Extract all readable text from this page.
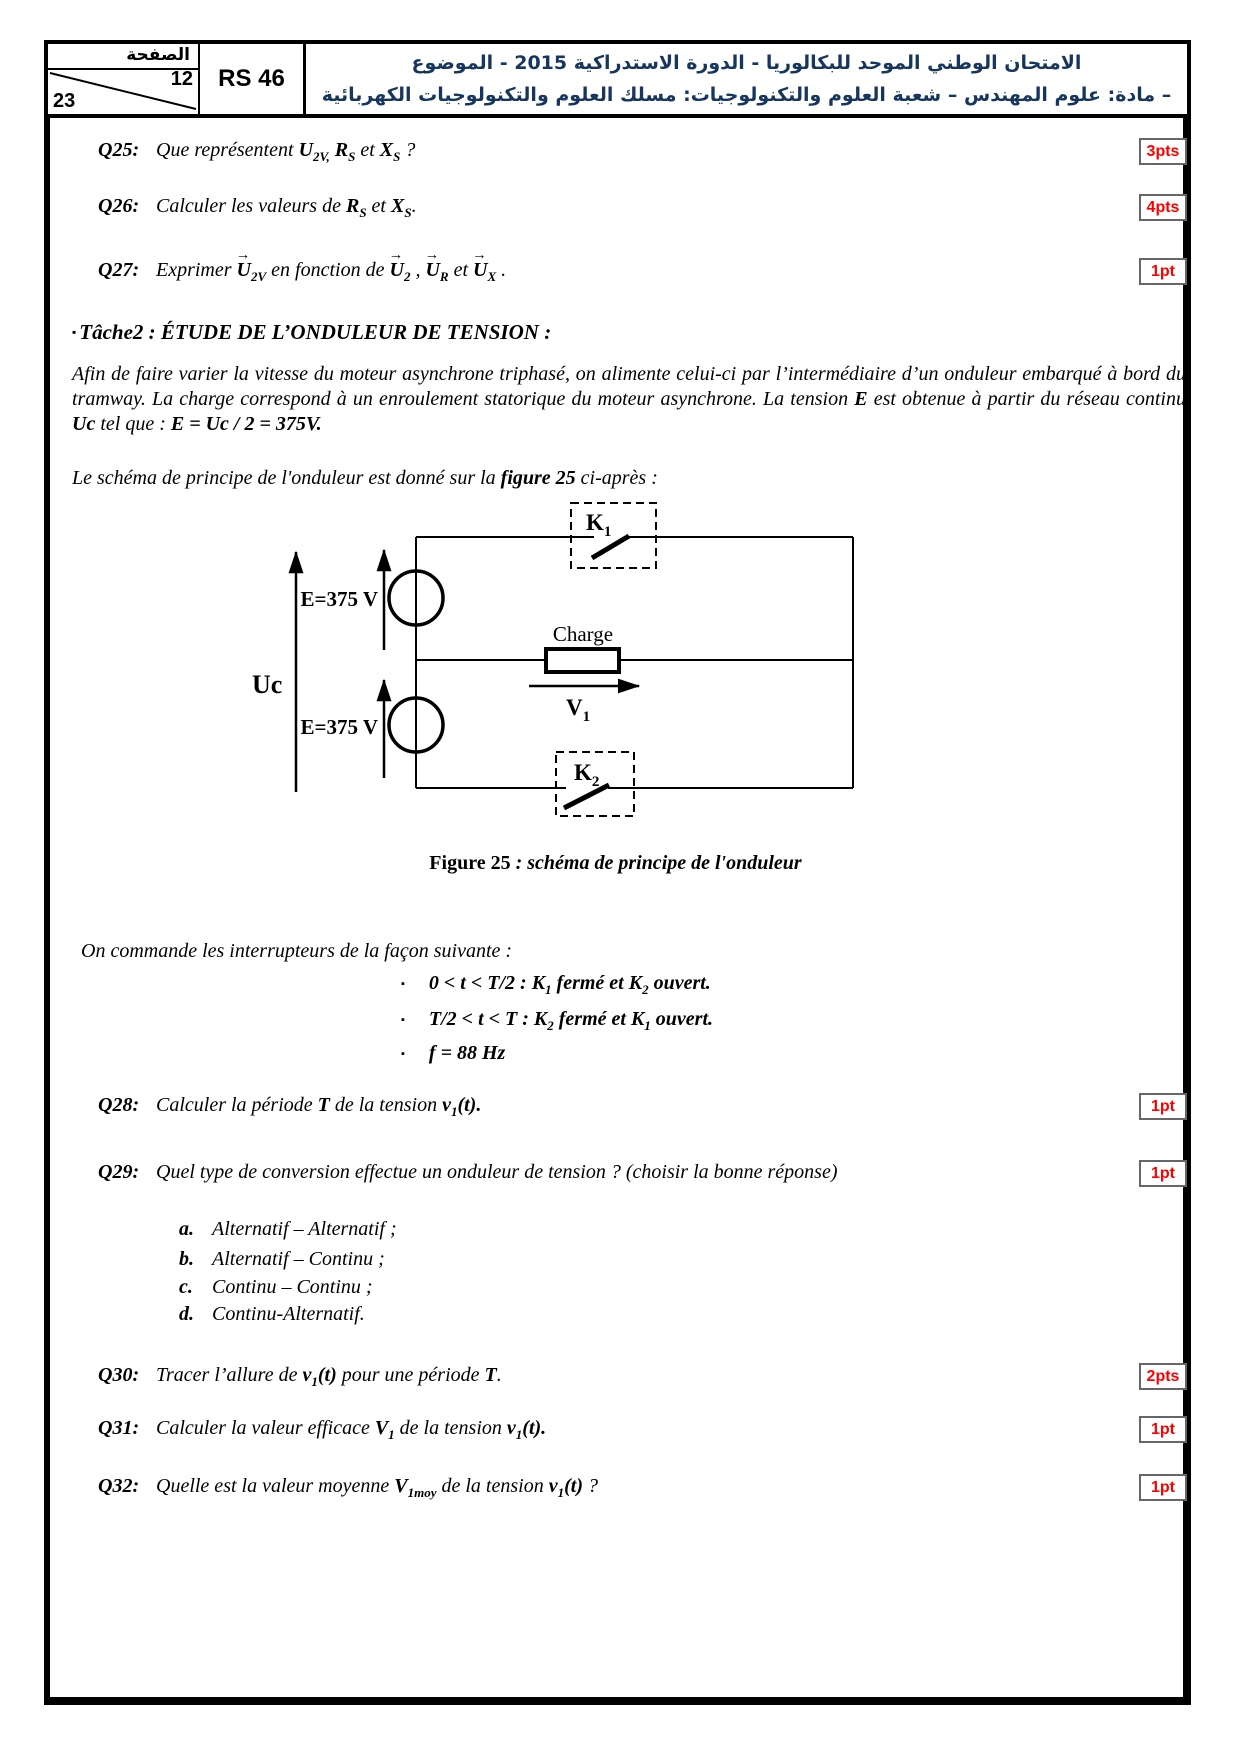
الصفحة
12
23
RS 46
الامتحان الوطني الموحد للبكالوريا - الدورة الاستدراكية 2015 - الموضوع
– مادة: علوم المهندس – شعبة العلوم والتكنولوجيات: مسلك العلوم والتكنولوجيات الكهربائية
Q25: Que représentent $U_{2V,}$ $R_S$ et $X_S$ ?	3pts
Q26: Calculer les valeurs de $R_S$ et $X_S$.	4pts
Q27: Exprimer → $U_{2V}$ en fonction de → $U_2$ , → $U_R$ et → $U_X$ .	1pt
▪ Tâche2 : ÉTUDE DE L’ONDULEUR DE TENSION :
Afin de faire varier la vitesse du moteur asynchrone triphasé, on alimente celui-ci par l’intermédiaire d’un onduleur embarqué à bord du tramway. La charge correspond à un enroulement statorique du moteur asynchrone. La tension E est obtenue à partir du réseau continu Uc tel que : E = Uc / 2 = 375V.
Le schéma de principe de l'onduleur est donné sur la figure 25 ci-après :
Uc
E=375 V
E=375 V
$K_1$
Charge
$V_1$
$K_2$
Figure 25 : schéma de principe de l'onduleur
On commande les interrupteurs de la façon suivante :
▪ 0 < t < T/2 : $K_1$ fermé et $K_2$ ouvert.
▪ T/2 < t < T : $K_2$ fermé et $K_1$ ouvert.
▪ f = 88 Hz
Q28: Calculer la période T de la tension $v_1(t)$.	1pt
Q29: Quel type de conversion effectue un onduleur de tension ? (choisir la bonne réponse)	1pt
a. Alternatif – Alternatif ;
b. Alternatif – Continu ;
c. Continu – Continu ;
d. Continu-Alternatif.
Q30: Tracer l’allure de $v_1(t)$ pour une période T.	2pts
Q31: Calculer la valeur efficace $V_1$ de la tension $v_1(t)$.	1pt
Q32: Quelle est la valeur moyenne $V_{1moy}$ de la tension $v_1(t)$ ?	1pt
